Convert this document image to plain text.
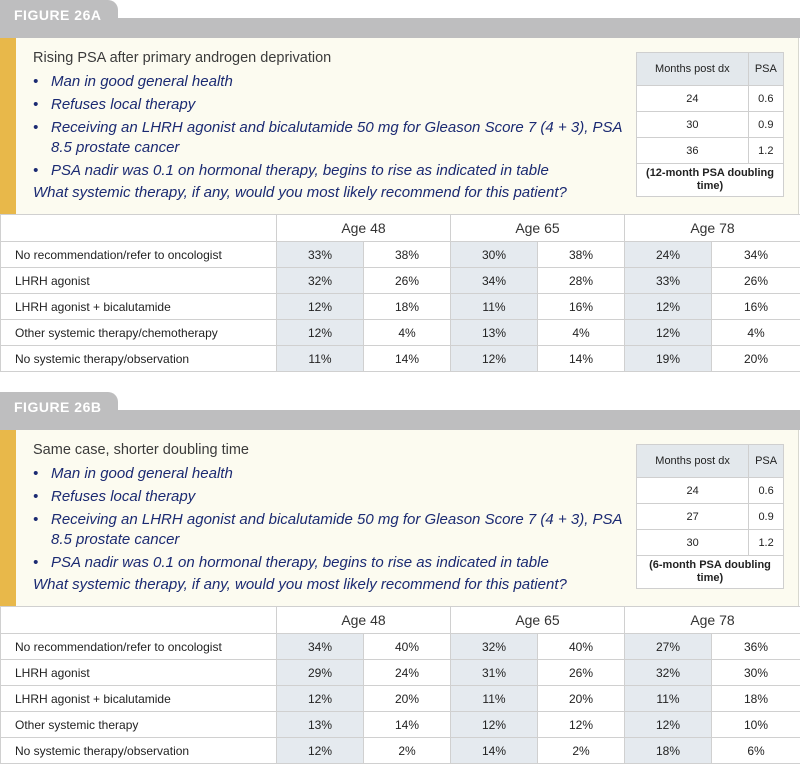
FIGURE 26A
Rising PSA after primary androgen deprivation
• Man in good general health
• Refuses local therapy
• Receiving an LHRH agonist and bicalutamide 50 mg for Gleason Score 7 (4 + 3), PSA 8.5 prostate cancer
• PSA nadir was 0.1 on hormonal therapy, begins to rise as indicated in table
What systemic therapy, if any, would you most likely recommend for this patient?
Months post dx	PSA
24	0.6
30	0.9
36	1.2
(12-month PSA doubling time)	
	Age 48		Age 65		Age 78	
No recommendation/refer to oncologist	33%	38%	30%	38%	24%	34%
LHRH agonist	32%	26%	34%	28%	33%	26%
LHRH agonist + bicalutamide	12%	18%	11%	16%	12%	16%
Other systemic therapy/chemotherapy	12%	4%	13%	4%	12%	4%
No systemic therapy/observation	11%	14%	12%	14%	19%	20%
FIGURE 26B
Same case, shorter doubling time
• Man in good general health
• Refuses local therapy
• Receiving an LHRH agonist and bicalutamide 50 mg for Gleason Score 7 (4 + 3), PSA 8.5 prostate cancer
• PSA nadir was 0.1 on hormonal therapy, begins to rise as indicated in table
What systemic therapy, if any, would you most likely recommend for this patient?
Months post dx	PSA
24	0.6
27	0.9
30	1.2
(6-month PSA doubling time)	
	Age 48		Age 65		Age 78	
No recommendation/refer to oncologist	34%	40%	32%	40%	27%	36%
LHRH agonist	29%	24%	31%	26%	32%	30%
LHRH agonist + bicalutamide	12%	20%	11%	20%	11%	18%
Other systemic therapy	13%	14%	12%	12%	12%	10%
No systemic therapy/observation	12%	2%	14%	2%	18%	6%
